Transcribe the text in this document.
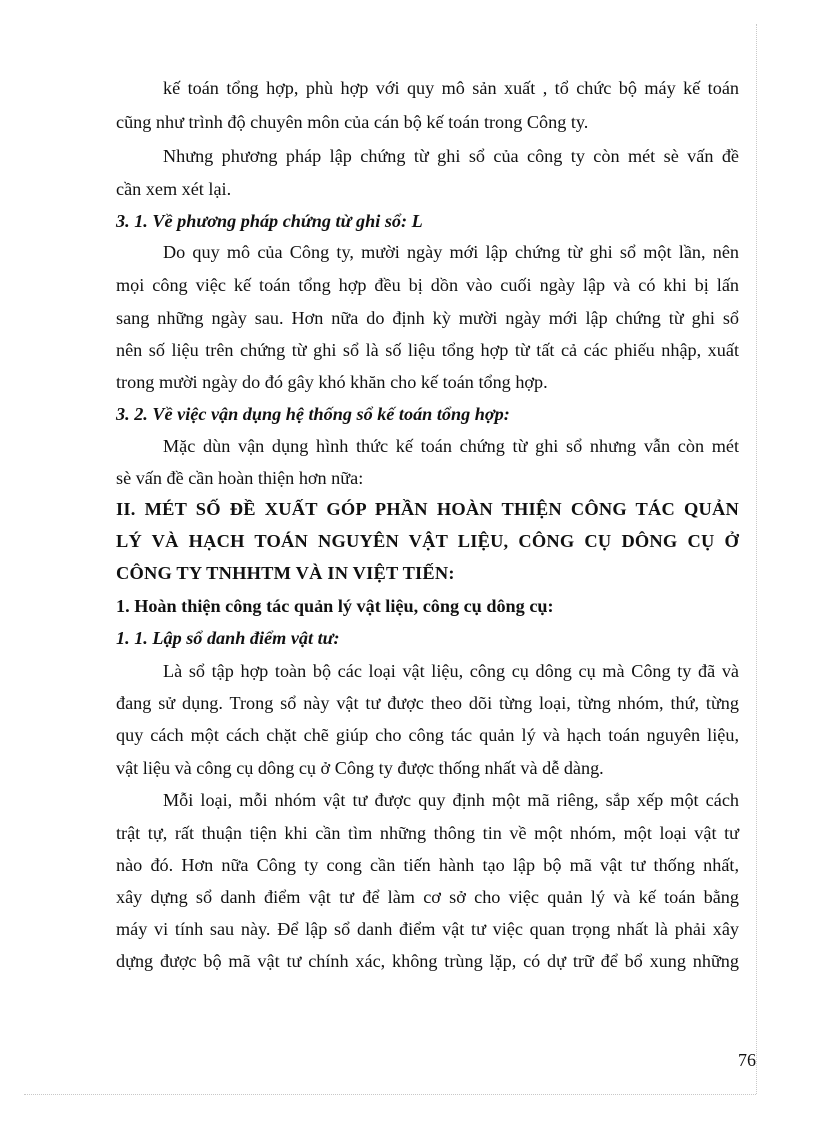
kế toán tổng hợp, phù hợp với quy mô sản xuất , tổ chức bộ máy kế toán
cũng như trình độ chuyên môn của cán bộ kế toán trong Công ty.
Nhưng phương pháp lập chứng từ ghi sổ của công ty còn mét sè vấn đề
cần xem xét lại.
3. 1. Về phương pháp chứng từ ghi sổ: L
Do quy mô của Công ty, mười ngày mới lập chứng từ ghi sổ một lần, nên
mọi công việc kế toán tổng hợp đều bị dồn vào cuối ngày lập và có khi bị lấn
sang những ngày sau. Hơn nữa do định kỳ mười ngày mới lập chứng từ ghi sổ
nên số liệu trên chứng từ ghi sổ là số liệu tổng hợp từ tất cả các phiếu nhập, xuất
trong mười ngày do đó gây khó khăn cho kế toán tổng hợp.
3. 2. Về việc vận dụng hệ thống sổ kế toán tổng hợp:
Mặc dùn vận dụng hình thức kế toán chứng từ ghi sổ nhưng vẫn còn mét
sè vấn đề cần hoàn thiện hơn nữa:
II. MÉT SỐ ĐỀ XUẤT GÓP PHẦN HOÀN THIỆN CÔNG TÁC QUẢN
LÝ VÀ HẠCH TOÁN NGUYÊN VẬT LIỆU, CÔNG CỤ DÔNG CỤ Ở
CÔNG TY TNHHTM VÀ IN VIỆT TIẾN:
1. Hoàn thiện công tác quản lý vật liệu, công cụ dông cụ:
1. 1. Lập sổ danh điểm vật tư:
Là sổ tập hợp toàn bộ các loại vật liệu, công cụ dông cụ mà Công ty đã và
đang sử dụng. Trong sổ này vật tư được theo dõi từng loại, từng nhóm, thứ, từng
quy cách một cách chặt chẽ giúp cho công tác quản lý và hạch toán nguyên liệu,
vật liệu và công cụ dông cụ ở Công ty được thống nhất và dễ dàng.
Mỗi loại, mỗi nhóm vật tư được quy định một mã riêng, sắp xếp một cách
trật tự, rất thuận tiện khi cần tìm những thông tin về một nhóm, một loại vật tư
nào đó. Hơn nữa Công ty cong cần tiến hành tạo lập bộ mã vật tư thống nhất,
xây dựng sổ danh điểm vật tư để làm cơ sở cho việc quản lý và kế toán bằng
máy vi tính sau này. Để lập sổ danh điểm vật tư việc quan trọng nhất là phải xây
dựng được bộ mã vật tư chính xác, không trùng lặp, có dự trữ để bổ xung những
76
